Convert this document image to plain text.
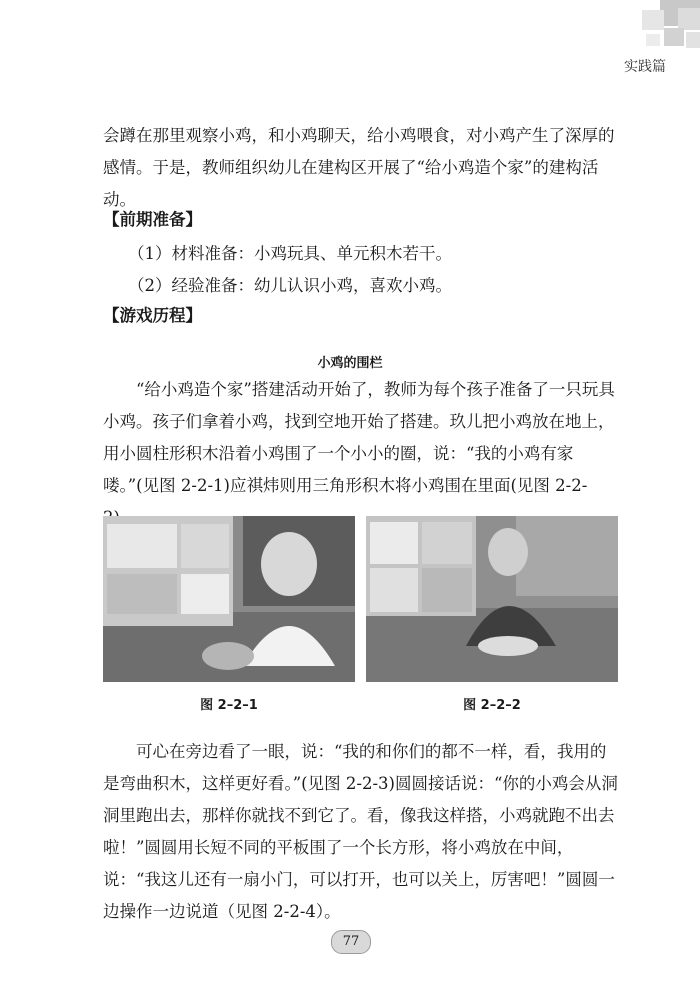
实践篇

会蹲在那里观察小鸡，和小鸡聊天，给小鸡喂食，对小鸡产生了深厚的感情。于是，教师组织幼儿在建构区开展了“给小鸡造个家”的建构活动。

【前期准备】

（1）材料准备：小鸡玩具、单元积木若干。

（2）经验准备：幼儿认识小鸡，喜欢小鸡。

【游戏历程】

小鸡的围栏

“给小鸡造个家”搭建活动开始了，教师为每个孩子准备了一只玩具小鸡。孩子们拿着小鸡，找到空地开始了搭建。玖儿把小鸡放在地上，用小圆柱形积木沿着小鸡围了一个小小的圈，说：“我的小鸡有家喽。”(见图 2-2-1)应祺炜则用三角形积木将小鸡围在里面(见图 2-2-

图 2–2–1	图 2–2–2

可心在旁边看了一眼，说：“我的和你们的都不一样，看，我用的是弯曲积木，这样更好看。”(见图 2-2-3)圆圆接话说：“你的小鸡会从洞洞里跑出去，那样你就找不到它了。看，像我这样搭，小鸡就跑不出去啦！”圆圆用长短不同的平板围了一个长方形，将小鸡放在中间，说：“我这儿还有一扇小门，可以打开，也可以关上，厉害吧！”圆圆一边操作一边说道（见图 2-2-4）。

77
